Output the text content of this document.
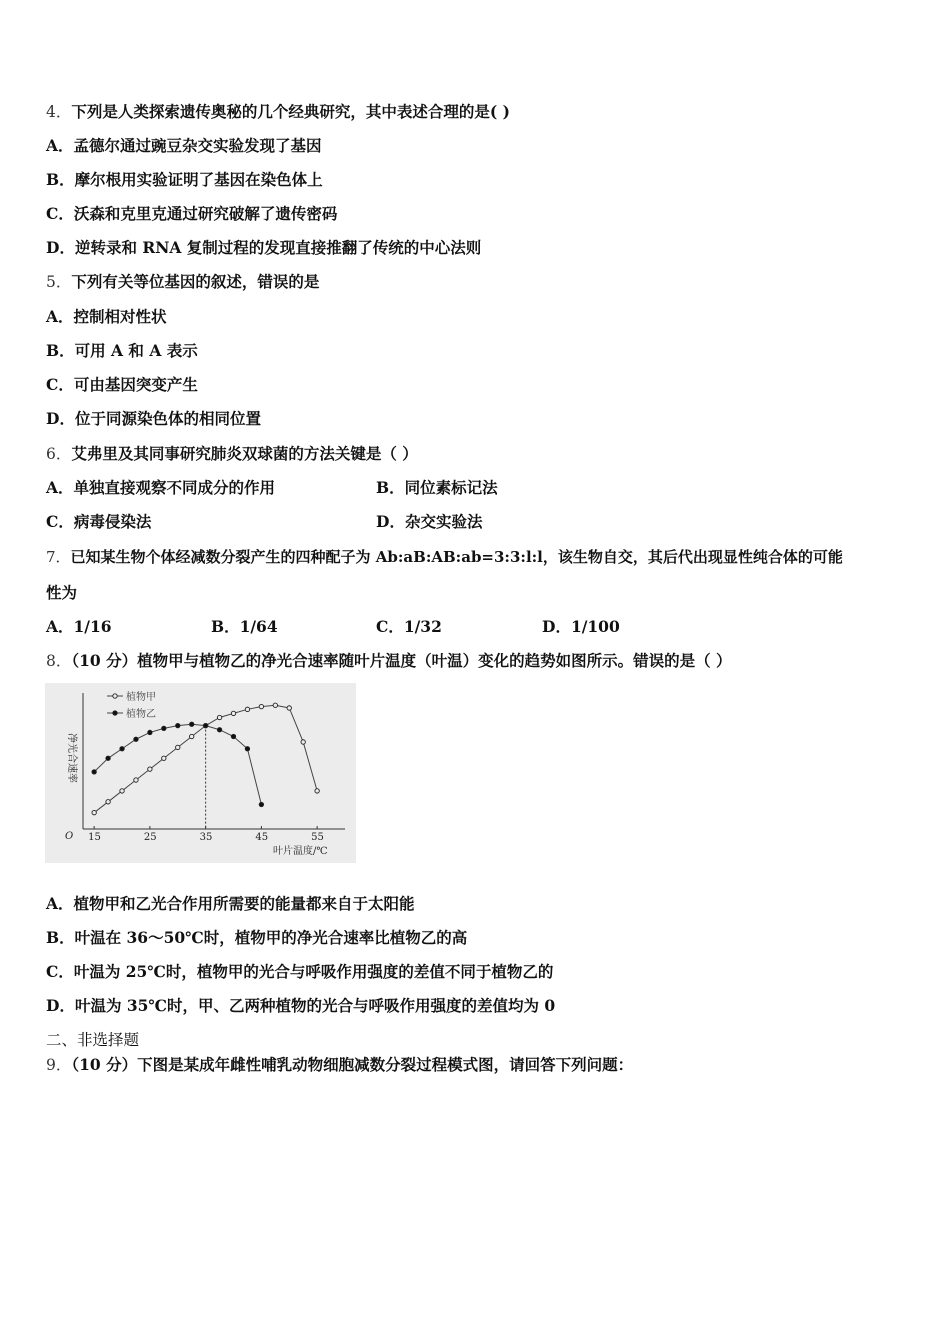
4．下列是人类探索遗传奥秘的几个经典研究，其中表述合理的是( )
A．孟德尔通过豌豆杂交实验发现了基因
B．摩尔根用实验证明了基因在染色体上
C．沃森和克里克通过研究破解了遗传密码
D．逆转录和 RNA 复制过程的发现直接推翻了传统的中心法则
5．下列有关等位基因的叙述，错误的是
A．控制相对性状
B．可用 A 和 A 表示
C．可由基因突变产生
D．位于同源染色体的相同位置
6．艾弗里及其同事研究肺炎双球菌的方法关键是（ ）
A．单独直接观察不同成分的作用	B．同位素标记法
C．病毒侵染法	D．杂交实验法
7．已知某生物个体经减数分裂产生的四种配子为 Ab:aB:AB:ab=3:3:l:l，该生物自交，其后代出现显性纯合体的可能
性为
A．1/16	B．1/64	C．1/32	D．1/100
8．（10 分）植物甲与植物乙的净光合速率随叶片温度（叶温）变化的趋势如图所示。错误的是（ ）
15	25	35	45	55
O
叶片温度/℃
净光合速率
植物甲
植物乙
A．植物甲和乙光合作用所需要的能量都来自于太阳能
B．叶温在 36～50℃时，植物甲的净光合速率比植物乙的高
C．叶温为 25℃时，植物甲的光合与呼吸作用强度的差值不同于植物乙的
D．叶温为 35℃时，甲、乙两种植物的光合与呼吸作用强度的差值均为 0
二、非选择题
9．（10 分）下图是某成年雌性哺乳动物细胞减数分裂过程模式图，请回答下列问题：
